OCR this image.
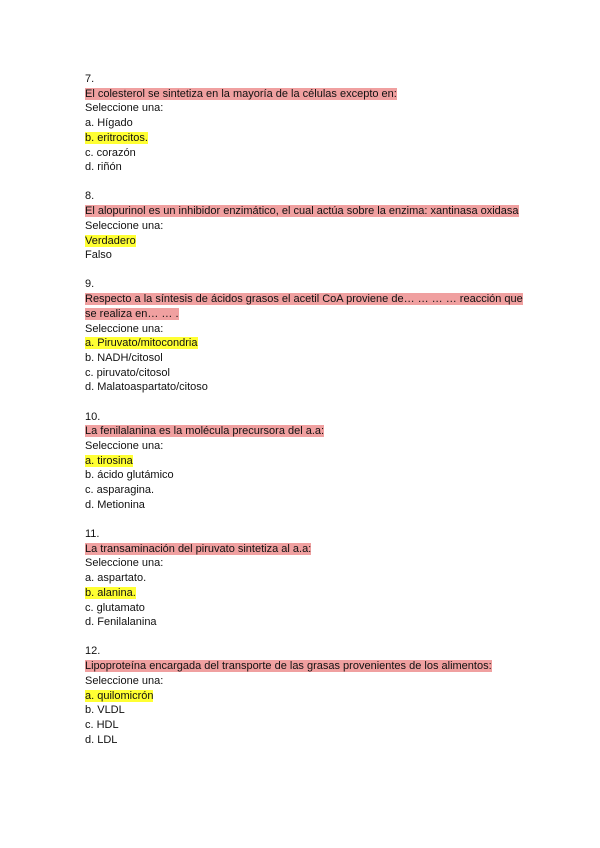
7.
El colesterol se sintetiza en la mayoría de la células excepto en:
Seleccione una:
a. Hígado
b. eritrocitos.
c. corazón
d. riñón
8.
El alopurinol es un inhibidor enzimático, el cual actúa sobre la enzima: xantinasa oxidasa
Seleccione una:
Verdadero
Falso
9.
Respecto a la síntesis de ácidos grasos el acetil CoA proviene de… … … … reacción que se realiza en… … .
Seleccione una:
a. Piruvato/mitocondria
b. NADH/citosol
c. piruvato/citosol
d. Malatoaspartato/citoso
10.
La fenilalanina es la molécula precursora del a.a:
Seleccione una:
a. tirosina
b. ácido glutámico
c. asparagina.
d. Metionina
11.
La transaminación del piruvato sintetiza al a.a:
Seleccione una:
a. aspartato.
b. alanina.
c. glutamato
d. Fenilalanina
12.
Lipoproteína encargada del transporte de las grasas provenientes de los alimentos:
Seleccione una:
a. quilomicrón
b. VLDL
c. HDL
d. LDL
